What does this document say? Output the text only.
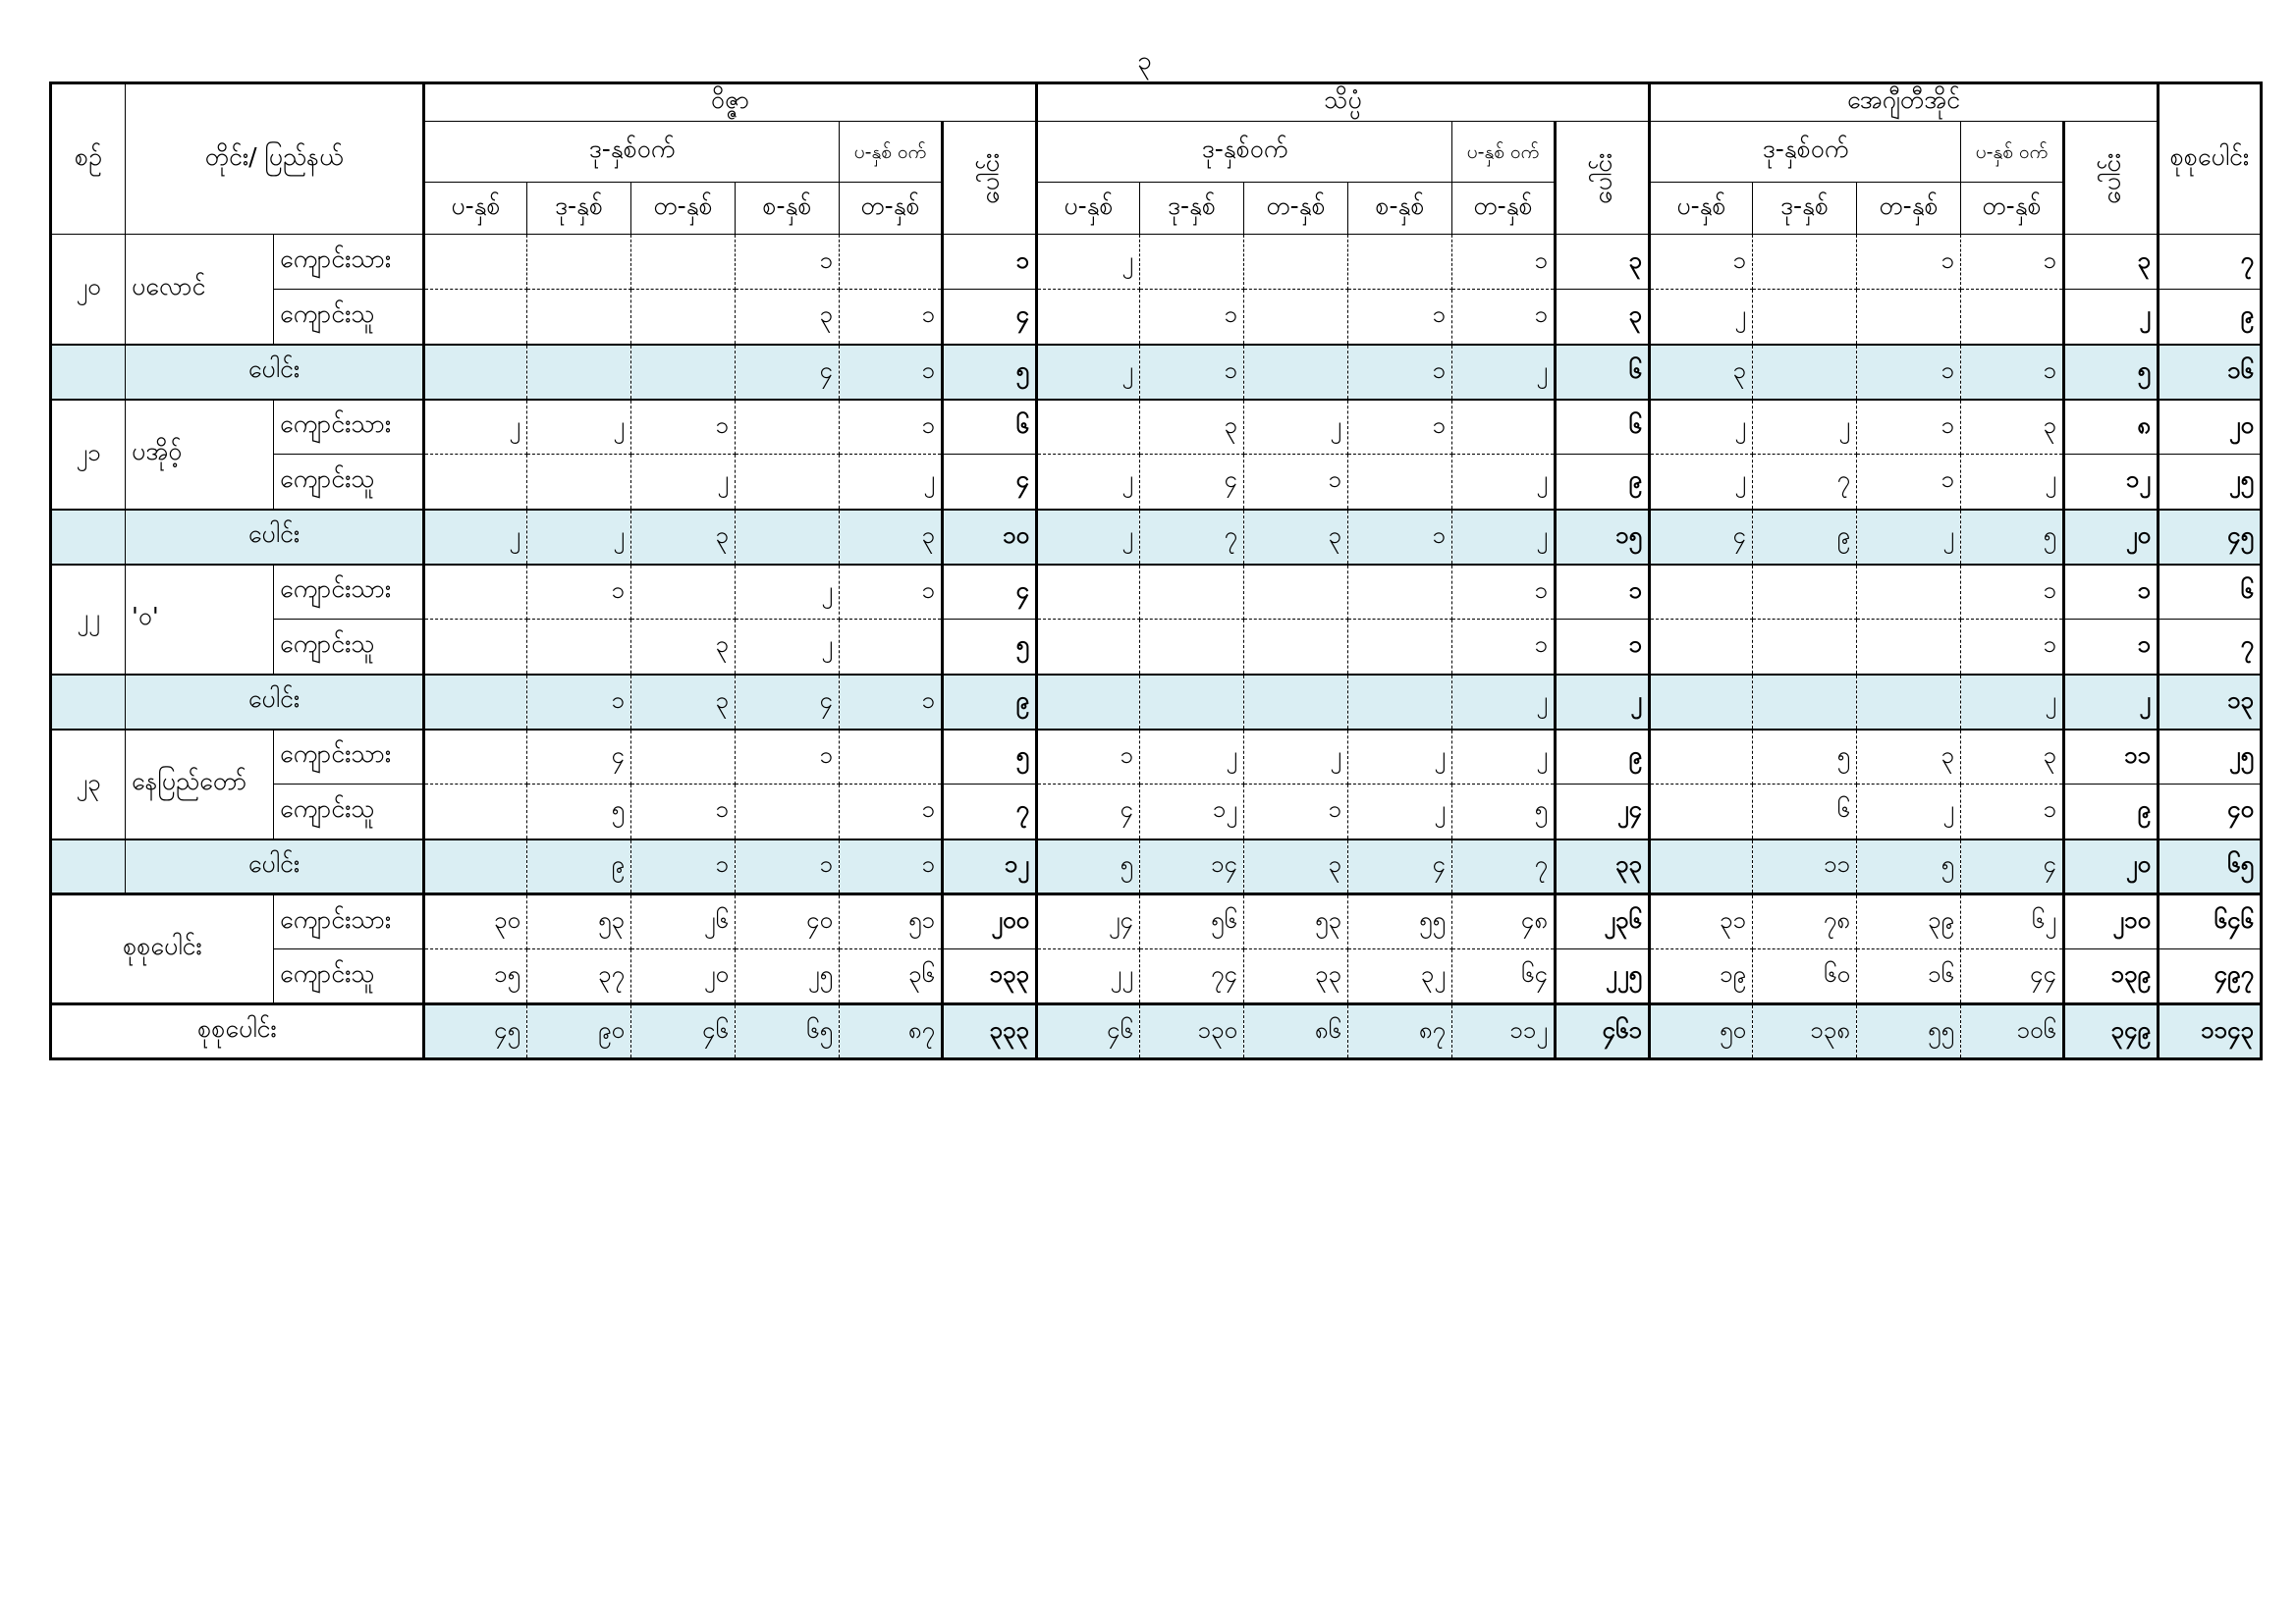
၃
စဉ်	တိုင်း/ ပြည်နယ်		ဝိဇ္ဇာ						သိပ္ပံ						အေဂျီတီအိုင်					စုစုပေါင်း
			ဒု-နှစ်ဝက်				ပ-နှစ် ဝက်	ပေါင်း	ဒု-နှစ်ဝက်				ပ-နှစ် ဝက်	ပေါင်း	ဒု-နှစ်ဝက်			ပ-နှစ် ဝက်	ပေါင်း	
			ပ-နှစ်	ဒု-နှစ်	တ-နှစ်	စ-နှစ်	တ-နှစ်		ပ-နှစ်	ဒု-နှစ်	တ-နှစ်	စ-နှစ်	တ-နှစ်		ပ-နှစ်	ဒု-နှစ်	တ-နှစ်	တ-နှစ်		
၂၀	ပလောင်	ကျောင်းသား				၁		၁	၂				၁	၃	၁		၁	၁	၃	၇
		ကျောင်းသူ				၃	၁	၄		၁		၁	၁	၃	၂				၂	၉
	ပေါင်း					၄	၁	၅	၂	၁		၁	၂	၆	၃		၁	၁	၅	၁၆
၂၁	ပအိုဝ့်	ကျောင်းသား	၂	၂	၁		၁	၆		၃	၂	၁		၆	၂	၂	၁	၃	၈	၂၀
		ကျောင်းသူ			၂		၂	၄	၂	၄	၁		၂	၉	၂	၇	၁	၂	၁၂	၂၅
	ပေါင်း		၂	၂	၃		၃	၁၀	၂	၇	၃	၁	၂	၁၅	၄	၉	၂	၅	၂၀	၄၅
၂၂	'ဝ'	ကျောင်းသား		၁		၂	၁	၄					၁	၁				၁	၁	၆
		ကျောင်းသူ			၃	၂		၅					၁	၁				၁	၁	၇
	ပေါင်း			၁	၃	၄	၁	၉					၂	၂				၂	၂	၁၃
၂၃	နေပြည်တော်	ကျောင်းသား		၄		၁		၅	၁	၂	၂	၂	၂	၉		၅	၃	၃	၁၁	၂၅
		ကျောင်းသူ		၅	၁		၁	၇	၄	၁၂	၁	၂	၅	၂၄		၆	၂	၁	၉	၄၀
	ပေါင်း			၉	၁	၁	၁	၁၂	၅	၁၄	၃	၄	၇	၃၃		၁၁	၅	၄	၂၀	၆၅
စုစုပေါင်း		ကျောင်းသား	၃၀	၅၃	၂၆	၄၀	၅၁	၂၀၀	၂၄	၅၆	၅၃	၅၅	၄၈	၂၃၆	၃၁	၇၈	၃၉	၆၂	၂၁၀	၆၄၆
		ကျောင်းသူ	၁၅	၃၇	၂၀	၂၅	၃၆	၁၃၃	၂၂	၇၄	၃၃	၃၂	၆၄	၂၂၅	၁၉	၆၀	၁၆	၄၄	၁၃၉	၄၉၇
စုစုပေါင်း			၄၅	၉၀	၄၆	၆၅	၈၇	၃၃၃	၄၆	၁၃၀	၈၆	၈၇	၁၁၂	၄၆၁	၅၀	၁၃၈	၅၅	၁၀၆	၃၄၉	၁၁၄၃
